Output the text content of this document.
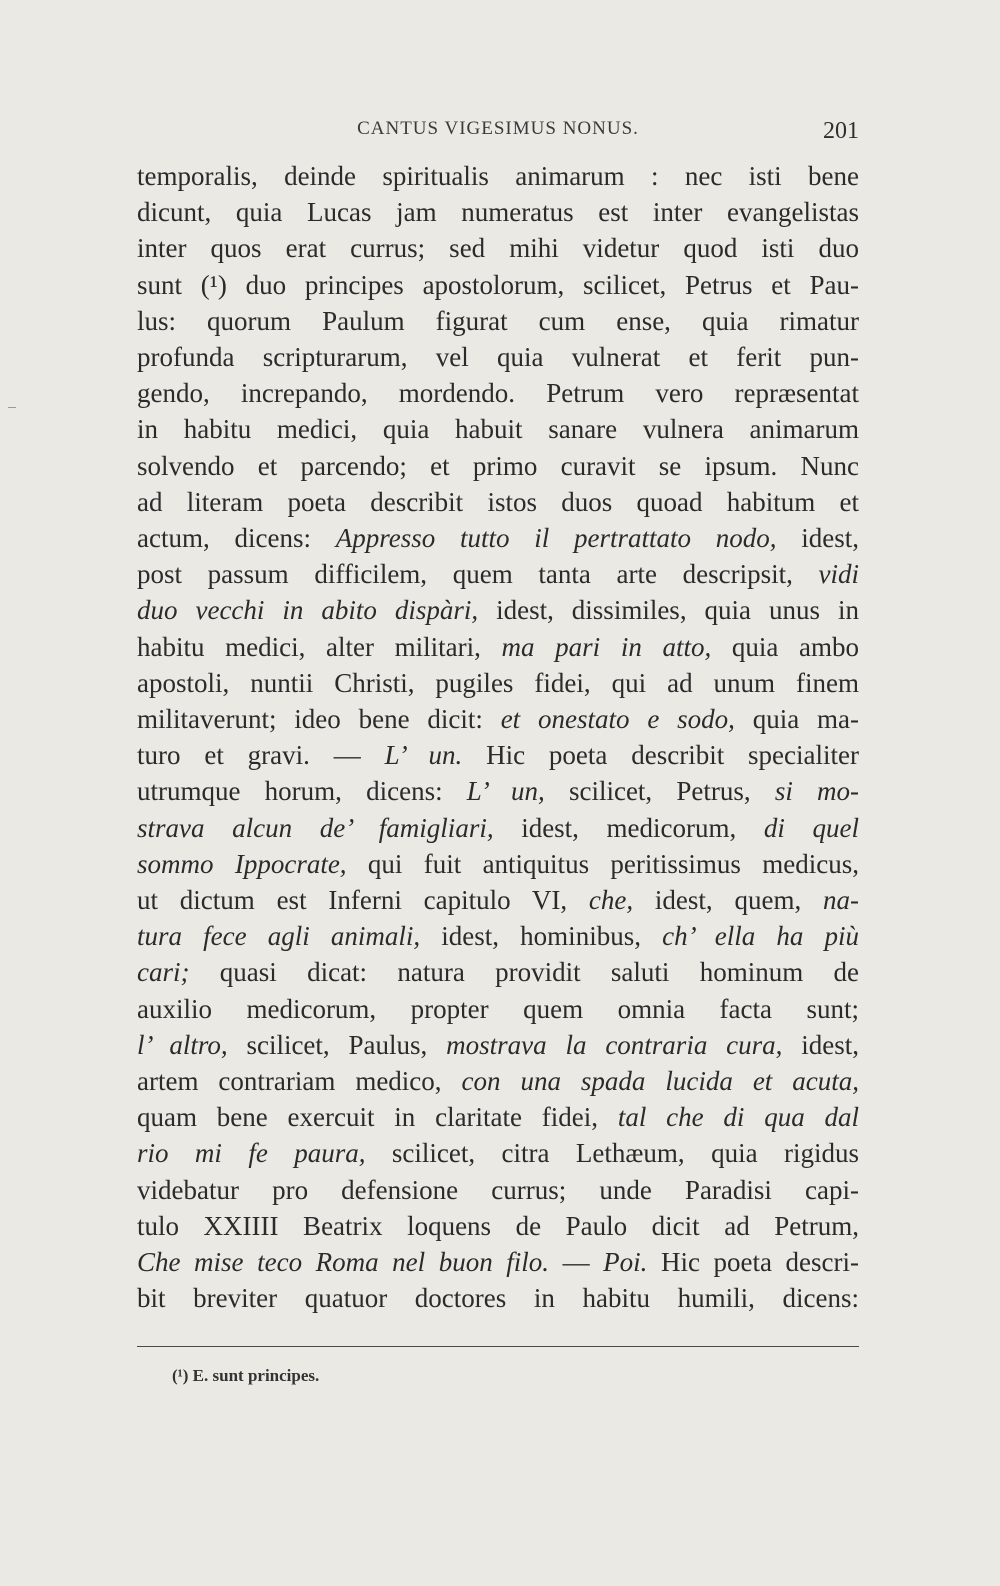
CANTUS VIGESIMUS NONUS.	201
temporalis, deinde spiritualis animarum : nec isti bene
dicunt, quia Lucas jam numeratus est inter evangelistas
inter quos erat currus; sed mihi videtur quod isti duo
sunt (¹) duo principes apostolorum, scilicet, Petrus et Pau-
lus: quorum Paulum figurat cum ense, quia rimatur
profunda scripturarum, vel quia vulnerat et ferit pun-
gendo, increpando, mordendo. Petrum vero repræsentat
in habitu medici, quia habuit sanare vulnera animarum
solvendo et parcendo; et primo curavit se ipsum. Nunc
ad literam poeta describit istos duos quoad habitum et
actum, dicens: Appresso tutto il pertrattato nodo, idest,
post passum difficilem, quem tanta arte descripsit, vidi
duo vecchi in abito dispàri, idest, dissimiles, quia unus in
habitu medici, alter militari, ma pari in atto, quia ambo
apostoli, nuntii Christi, pugiles fidei, qui ad unum finem
militaverunt; ideo bene dicit: et onestato e sodo, quia ma-
turo et gravi. — L’ un. Hic poeta describit specialiter
utrumque horum, dicens: L’ un, scilicet, Petrus, si mo-
strava alcun de’ famigliari, idest, medicorum, di quel
sommo Ippocrate, qui fuit antiquitus peritissimus medicus,
ut dictum est Inferni capitulo VI, che, idest, quem, na-
tura fece agli animali, idest, hominibus, ch’ ella ha più
cari; quasi dicat: natura providit saluti hominum de
auxilio medicorum, propter quem omnia facta sunt;
l’ altro, scilicet, Paulus, mostrava la contraria cura, idest,
artem contrariam medico, con una spada lucida et acuta,
quam bene exercuit in claritate fidei, tal che di qua dal
rio mi fe paura, scilicet, citra Lethæum, quia rigidus
videbatur pro defensione currus; unde Paradisi capi-
tulo XXIIII Beatrix loquens de Paulo dicit ad Petrum,
Che mise teco Roma nel buon filo. — Poi. Hic poeta descri-
bit breviter quatuor doctores in habitu humili, dicens:
(¹) E. sunt principes.
